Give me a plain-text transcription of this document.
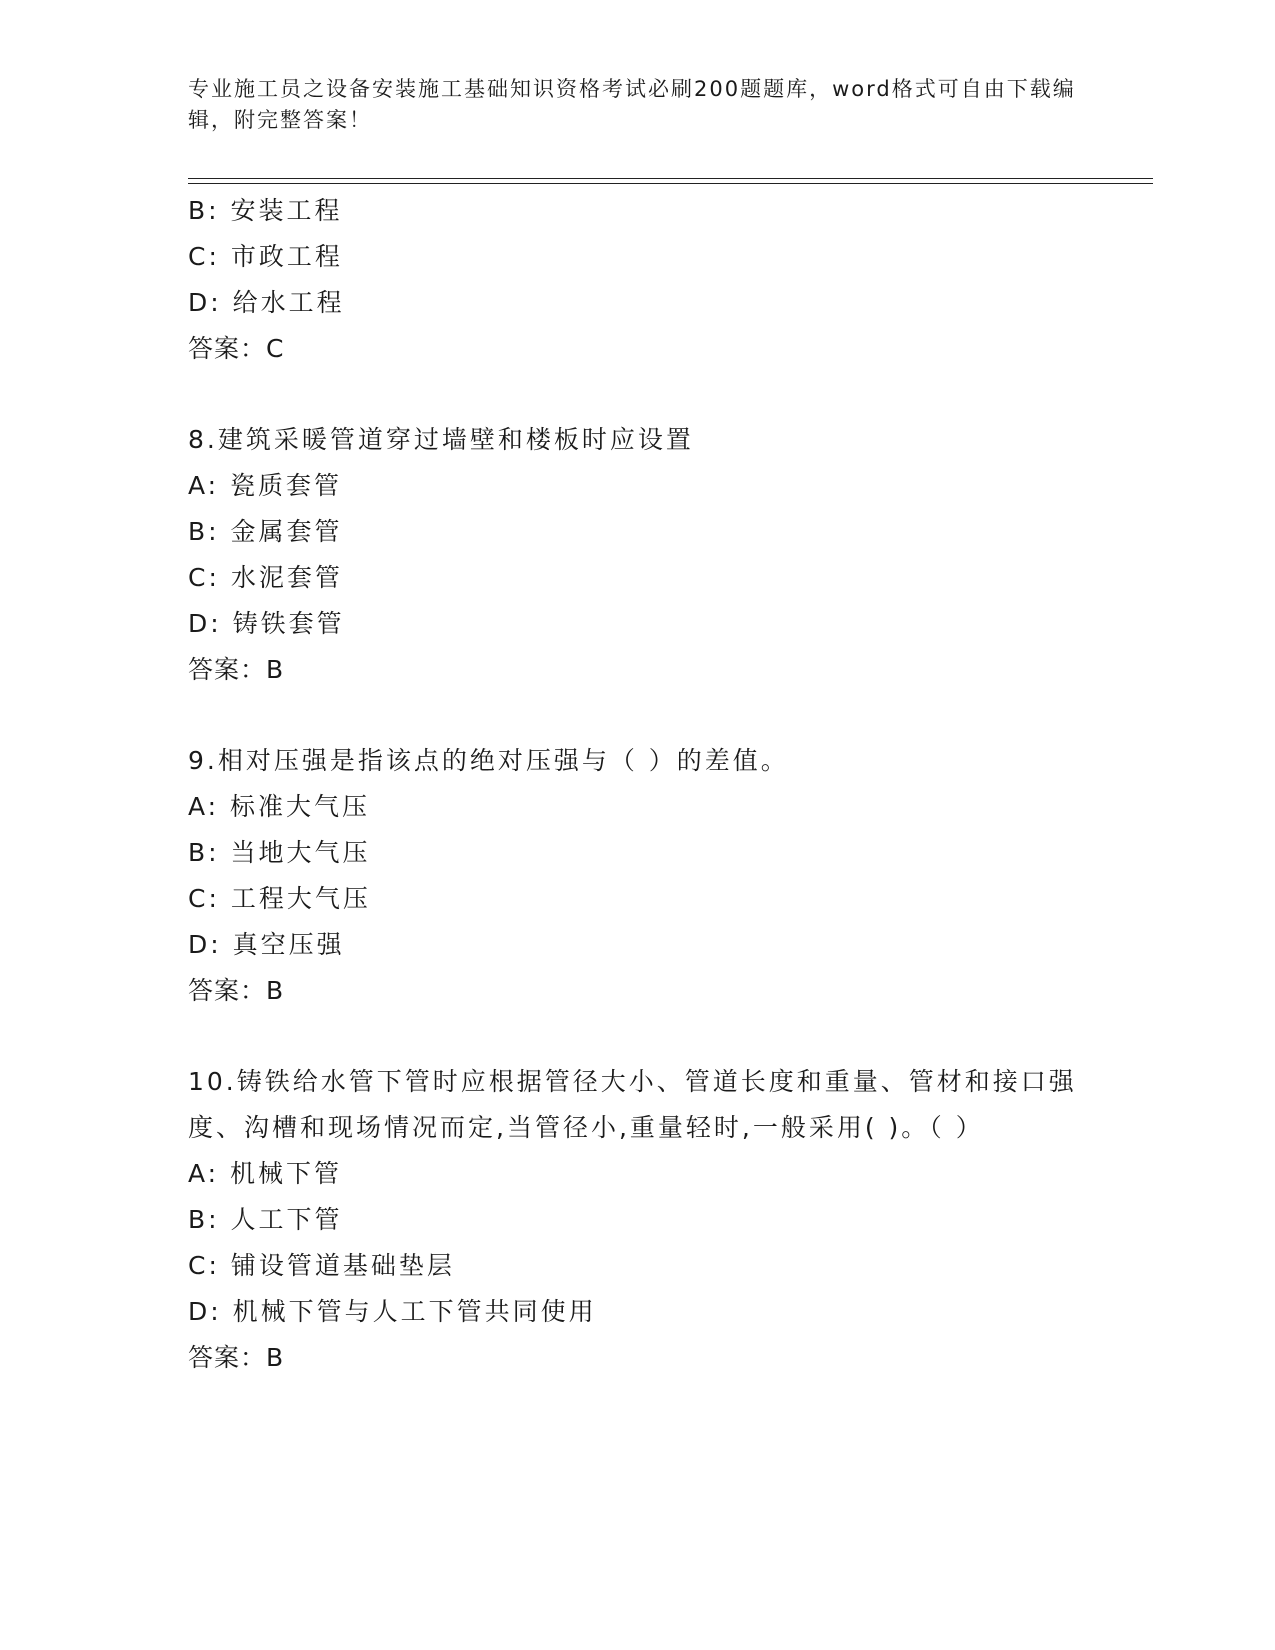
专业施工员之设备安装施工基础知识资格考试必刷200题题库，word格式可自由下载编辑，附完整答案！
B: 安装工程
C: 市政工程
D: 给水工程
答案：C
8.建筑采暖管道穿过墙壁和楼板时应设置
A: 瓷质套管
B: 金属套管
C: 水泥套管
D: 铸铁套管
答案：B
9.相对压强是指该点的绝对压强与（ ）的差值。
A: 标准大气压
B: 当地大气压
C: 工程大气压
D: 真空压强
答案：B
10.铸铁给水管下管时应根据管径大小、管道长度和重量、管材和接口强度、沟槽和现场情况而定,当管径小,重量轻时,一般采用( )。（ ）
A: 机械下管
B: 人工下管
C: 铺设管道基础垫层
D: 机械下管与人工下管共同使用
答案：B
